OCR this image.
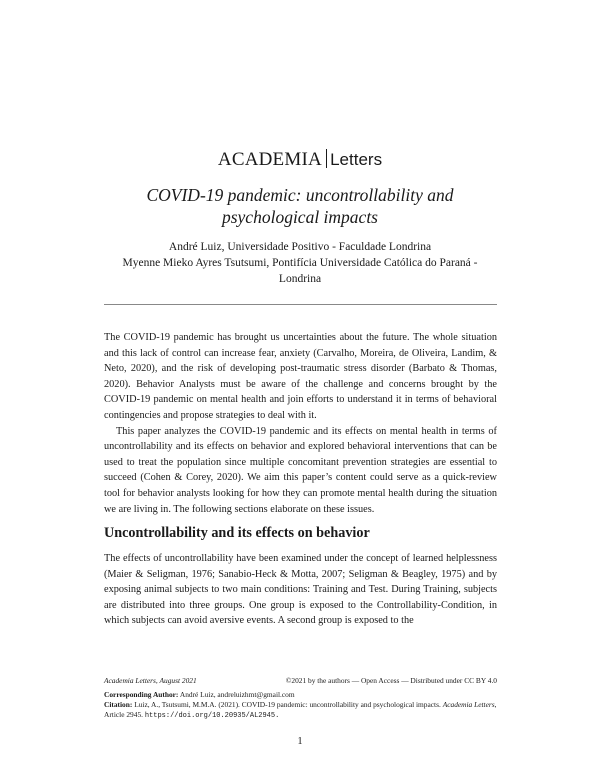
ACADEMIA Letters
COVID-19 pandemic: uncontrollability and psychological impacts
André Luiz, Universidade Positivo - Faculdade Londrina
Myenne Mieko Ayres Tsutsumi, Pontifícia Universidade Católica do Paraná - Londrina

The COVID-19 pandemic has brought us uncertainties about the future. The whole situation and this lack of control can increase fear, anxiety (Carvalho, Moreira, de Oliveira, Landim, & Neto, 2020), and the risk of developing post-traumatic stress disorder (Barbato & Thomas, 2020). Behavior Analysts must be aware of the challenge and concerns brought by the COVID-19 pandemic on mental health and join efforts to understand it in terms of behavioral contingencies and propose strategies to deal with it.

This paper analyzes the COVID-19 pandemic and its effects on mental health in terms of uncontrollability and its effects on behavior and explored behavioral interventions that can be used to treat the population since multiple concomitant prevention strategies are essential to succeed (Cohen & Corey, 2020). We aim this paper’s content could serve as a quick-review tool for behavior analysts looking for how they can promote mental health during the situation we are living in. The following sections elaborate on these issues.

Uncontrollability and its effects on behavior

The effects of uncontrollability have been examined under the concept of learned helplessness (Maier & Seligman, 1976; Sanabio-Heck & Motta, 2007; Seligman & Beagley, 1975) and by exposing animal subjects to two main conditions: Training and Test. During Training, subjects are distributed into three groups. One group is exposed to the Controllability-Condition, in which subjects can avoid aversive events. A second group is exposed to the

Academia Letters, August 2021	©2021 by the authors — Open Access — Distributed under CC BY 4.0
Corresponding Author: André Luiz, andreluizhmt@gmail.com
Citation: Luiz, A., Tsutsumi, M.M.A. (2021). COVID-19 pandemic: uncontrollability and psychological impacts. Academia Letters, Article 2945. https://doi.org/10.20935/AL2945.
1
